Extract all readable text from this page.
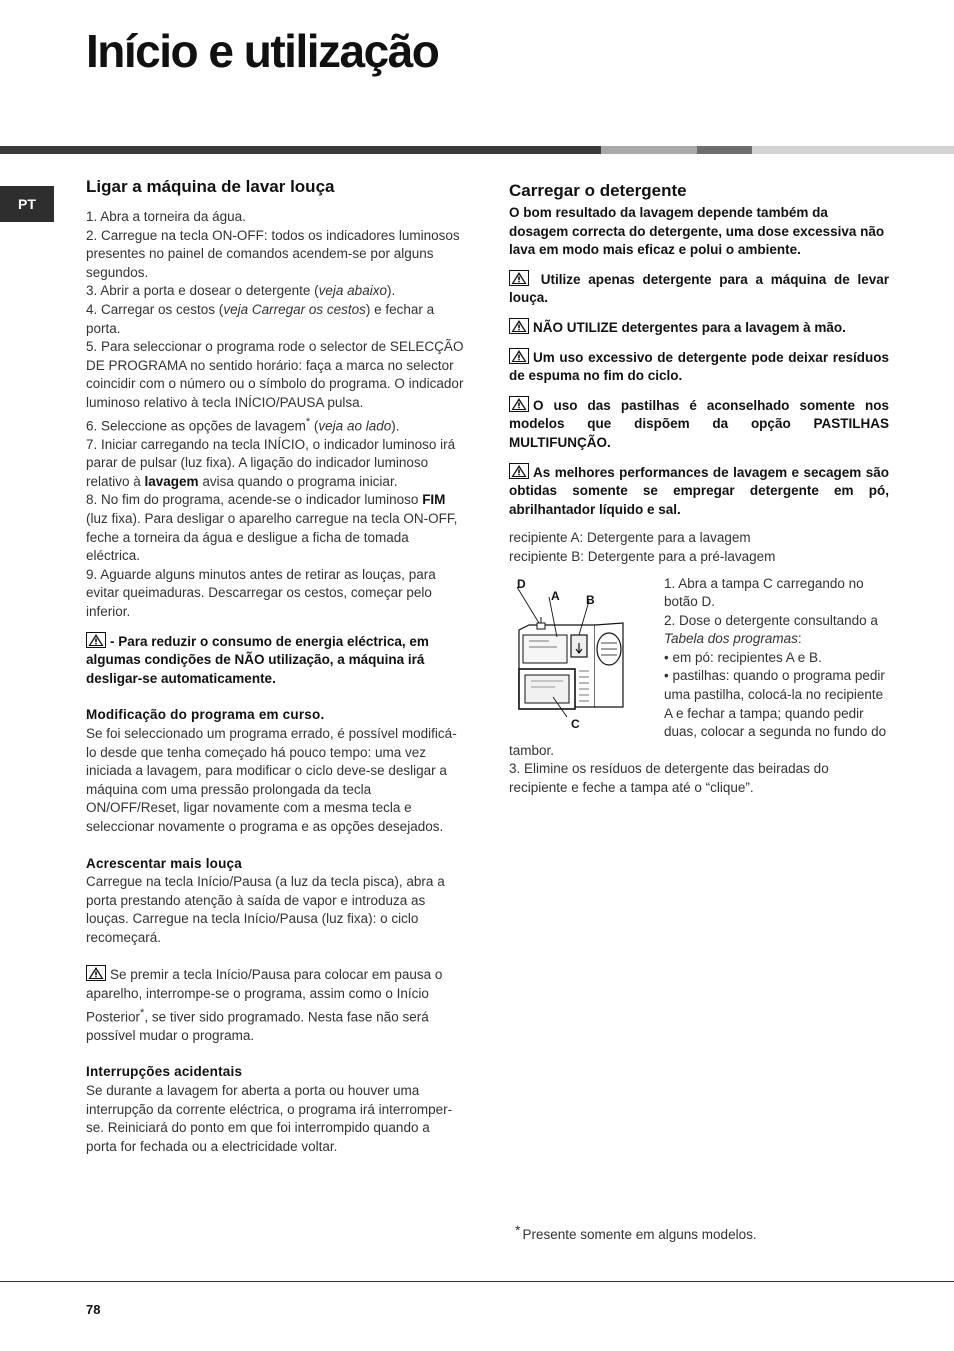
Início e utilização
PT
Ligar a máquina de lavar louça

1. Abra a torneira da água.

2. Carregue na tecla ON-OFF: todos os indicadores luminosos presentes no painel de comandos acendem-se por alguns segundos.

3. Abrir a porta e dosear o detergente (veja abaixo).

4. Carregar os cestos (veja Carregar os cestos) e fechar a porta.

5. Para seleccionar o programa rode o selector de SELECÇÃO DE PROGRAMA no sentido horário: faça a marca no selector coincidir com o número ou o símbolo do programa. O indicador luminoso relativo à tecla INÍCIO/PAUSA pulsa.

6. Seleccione as opções de lavagem* (veja ao lado).

7. Iniciar carregando na tecla INÍCIO, o indicador luminoso irá parar de pulsar (luz fixa). A ligação do indicador luminoso relativo à lavagem avisa quando o programa iniciar.

8. No fim do programa, acende-se o indicador luminoso FIM (luz fixa). Para desligar o aparelho carregue na tecla ON-OFF, feche a torneira da água e desligue a ficha de tomada eléctrica.

9. Aguarde alguns minutos antes de retirar as louças, para evitar queimaduras. Descarregar os cestos, começar pelo inferior.

- Para reduzir o consumo de energia eléctrica, em algumas condições de NÃO utilização, a máquina irá desligar-se automaticamente.

Modificação do programa em curso.

Se foi seleccionado um programa errado, é possível modificá-lo desde que tenha começado há pouco tempo: uma vez iniciada a lavagem, para modificar o ciclo deve-se desligar a máquina com uma pressão prolongada da tecla ON/OFF/Reset, ligar novamente com a mesma tecla e seleccionar novamente o programa e as opções desejados.

Acrescentar mais louça

Carregue na tecla Início/Pausa (a luz da tecla pisca), abra a porta prestando atenção à saída de vapor e introduza as louças. Carregue na tecla Início/Pausa (luz fixa): o ciclo recomeçará.

Se premir a tecla Início/Pausa para colocar em pausa o aparelho, interrompe-se o programa, assim como o Início Posterior*, se tiver sido programado. Nesta fase não será possível mudar o programa.

Interrupções acidentais

Se durante a lavagem for aberta a porta ou houver uma interrupção da corrente eléctrica, o programa irá interromper-se. Reiniciará do ponto em que foi interrompido quando a porta for fechada ou a electricidade voltar.

Carregar o detergente

O bom resultado da lavagem depende também da dosagem correcta do detergente, uma dose excessiva não lava em modo mais eficaz e polui o ambiente.

Utilize apenas detergente para a máquina de levar louça.

NÃO UTILIZE detergentes para a lavagem à mão.

Um uso excessivo de detergente pode deixar resíduos de espuma no fim do ciclo.

O uso das pastilhas é aconselhado somente nos modelos que dispõem da opção PASTILHAS MULTIFUNÇÃO.

As melhores performances de lavagem e secagem são obtidas somente se empregar detergente em pó, abrilhantador líquido e sal.

recipiente A: Detergente para a lavagem

recipiente B: Detergente para a pré-lavagem

D
A B
C

1. Abra a tampa C carregando no botão D.

2. Dose o detergente consultando a Tabela dos programas:

• em pó: recipientes A e B.

• pastilhas: quando o programa pedir uma pastilha, colocá-la no recipiente A e fechar a tampa; quando pedir duas, colocar a segunda no fundo do tambor.

3. Elimine os resíduos de detergente das beiradas do recipiente e feche a tampa até o “clique”.

* Presente somente em alguns modelos.
78
